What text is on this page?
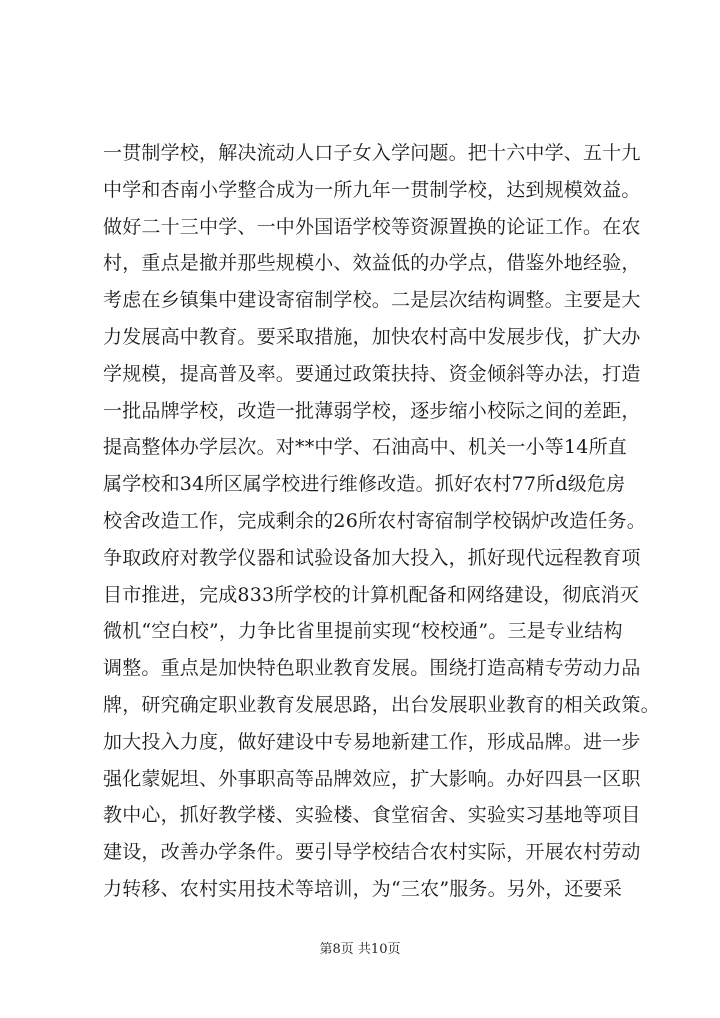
一贯制学校，解决流动人口子女入学问题。把十六中学、五十九
中学和杏南小学整合成为一所九年一贯制学校，达到规模效益。
做好二十三中学、一中外国语学校等资源置换的论证工作。在农
村，重点是撤并那些规模小、效益低的办学点，借鉴外地经验，
考虑在乡镇集中建设寄宿制学校。二是层次结构调整。主要是大
力发展高中教育。要采取措施，加快农村高中发展步伐，扩大办
学规模，提高普及率。要通过政策扶持、资金倾斜等办法，打造
一批品牌学校，改造一批薄弱学校，逐步缩小校际之间的差距，
提高整体办学层次。对**中学、石油高中、机关一小等14所直
属学校和34所区属学校进行维修改造。抓好农村77所d级危房
校舍改造工作，完成剩余的26所农村寄宿制学校锅炉改造任务。
争取政府对教学仪器和试验设备加大投入，抓好现代远程教育项
目市推进，完成833所学校的计算机配备和网络建设，彻底消灭
微机“空白校”，力争比省里提前实现“校校通”。三是专业结构
调整。重点是加快特色职业教育发展。围绕打造高精专劳动力品
牌，研究确定职业教育发展思路，出台发展职业教育的相关政策。
加大投入力度，做好建设中专易地新建工作，形成品牌。进一步
强化蒙妮坦、外事职高等品牌效应，扩大影响。办好四县一区职
教中心，抓好教学楼、实验楼、食堂宿舍、实验实习基地等项目
建设，改善办学条件。要引导学校结合农村实际，开展农村劳动
力转移、农村实用技术等培训，为“三农”服务。另外，还要采
第8页 共10页
